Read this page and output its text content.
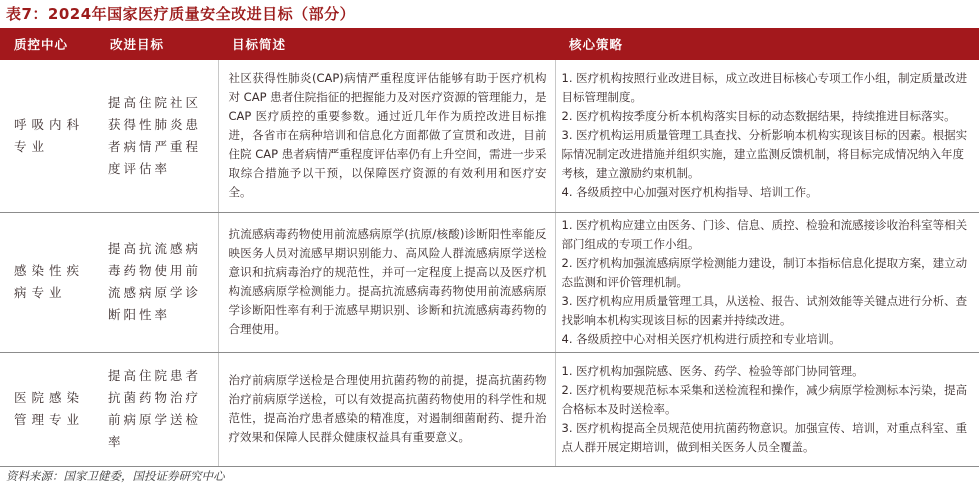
表7：2024年国家医疗质量安全改进目标（部分）
质控中心	改进目标	目标简述	核心策略
呼吸内科专业	提高住院社区获得性肺炎患者病情严重程度评估率	社区获得性肺炎(CAP)病情严重程度评估能够有助于医疗机构对 CAP 患者住院指征的把握能力及对医疗资源的管理能力，是 CAP 医疗质控的重要参数。通过近几年作为质控改进目标推进，各省市在病种培训和信息化方面都做了宣贯和改进，目前住院 CAP 患者病情严重程度评估率仍有上升空间，需进一步采取综合措施予以干预，以保障医疗资源的有效利用和医疗安全。	1. 医疗机构按照行业改进目标，成立改进目标核心专项工作小组，制定质量改进目标管理制度。
2. 医疗机构按季度分析本机构落实目标的动态数据结果，持续推进目标落实。
3. 医疗机构运用质量管理工具查找、分析影响本机构实现该目标的因素。根据实际情况制定改进措施并组织实施，建立监测反馈机制，将目标完成情况纳入年度考核，建立激励约束机制。
4. 各级质控中心加强对医疗机构指导、培训工作。

感染性疾病专业	提高抗流感病毒药物使用前流感病原学诊断阳性率	抗流感病毒药物使用前流感病原学(抗原/核酸)诊断阳性率能反映医务人员对流感早期识别能力、高风险人群流感病原学送检意识和抗病毒治疗的规范性，并可一定程度上提高以及医疗机构流感病原学检测能力。提高抗流感病毒药物使用前流感病原学诊断阳性率有利于流感早期识别、诊断和抗流感病毒药物的合理使用。	1. 医疗机构应建立由医务、门诊、信息、质控、检验和流感接诊收治科室等相关部门组成的专项工作小组。
2. 医疗机构加强流感病原学检测能力建设，制订本指标信息化提取方案，建立动态监测和评价管理机制。
3. 医疗机构应用质量管理工具，从送检、报告、试剂效能等关键点进行分析、查找影响本机构实现该目标的因素并持续改进。
4. 各级质控中心对相关医疗机构进行质控和专业培训。

医院感染管理专业	提高住院患者抗菌药物治疗前病原学送检率	治疗前病原学送检是合理使用抗菌药物的前提，提高抗菌药物治疗前病原学送检，可以有效提高抗菌药物使用的科学性和规范性，提高治疗患者感染的精准度，对遏制细菌耐药、提升治疗效果和保障人民群众健康权益具有重要意义。	1. 医疗机构加强院感、医务、药学、检验等部门协同管理。
2. 医疗机构要规范标本采集和送检流程和操作，减少病原学检测标本污染，提高合格标本及时送检率。
3. 医疗机构提高全员规范使用抗菌药物意识。加强宣传、培训，对重点科室、重点人群开展定期培训，做到相关医务人员全覆盖。
资料来源：国家卫健委，国投证券研究中心
